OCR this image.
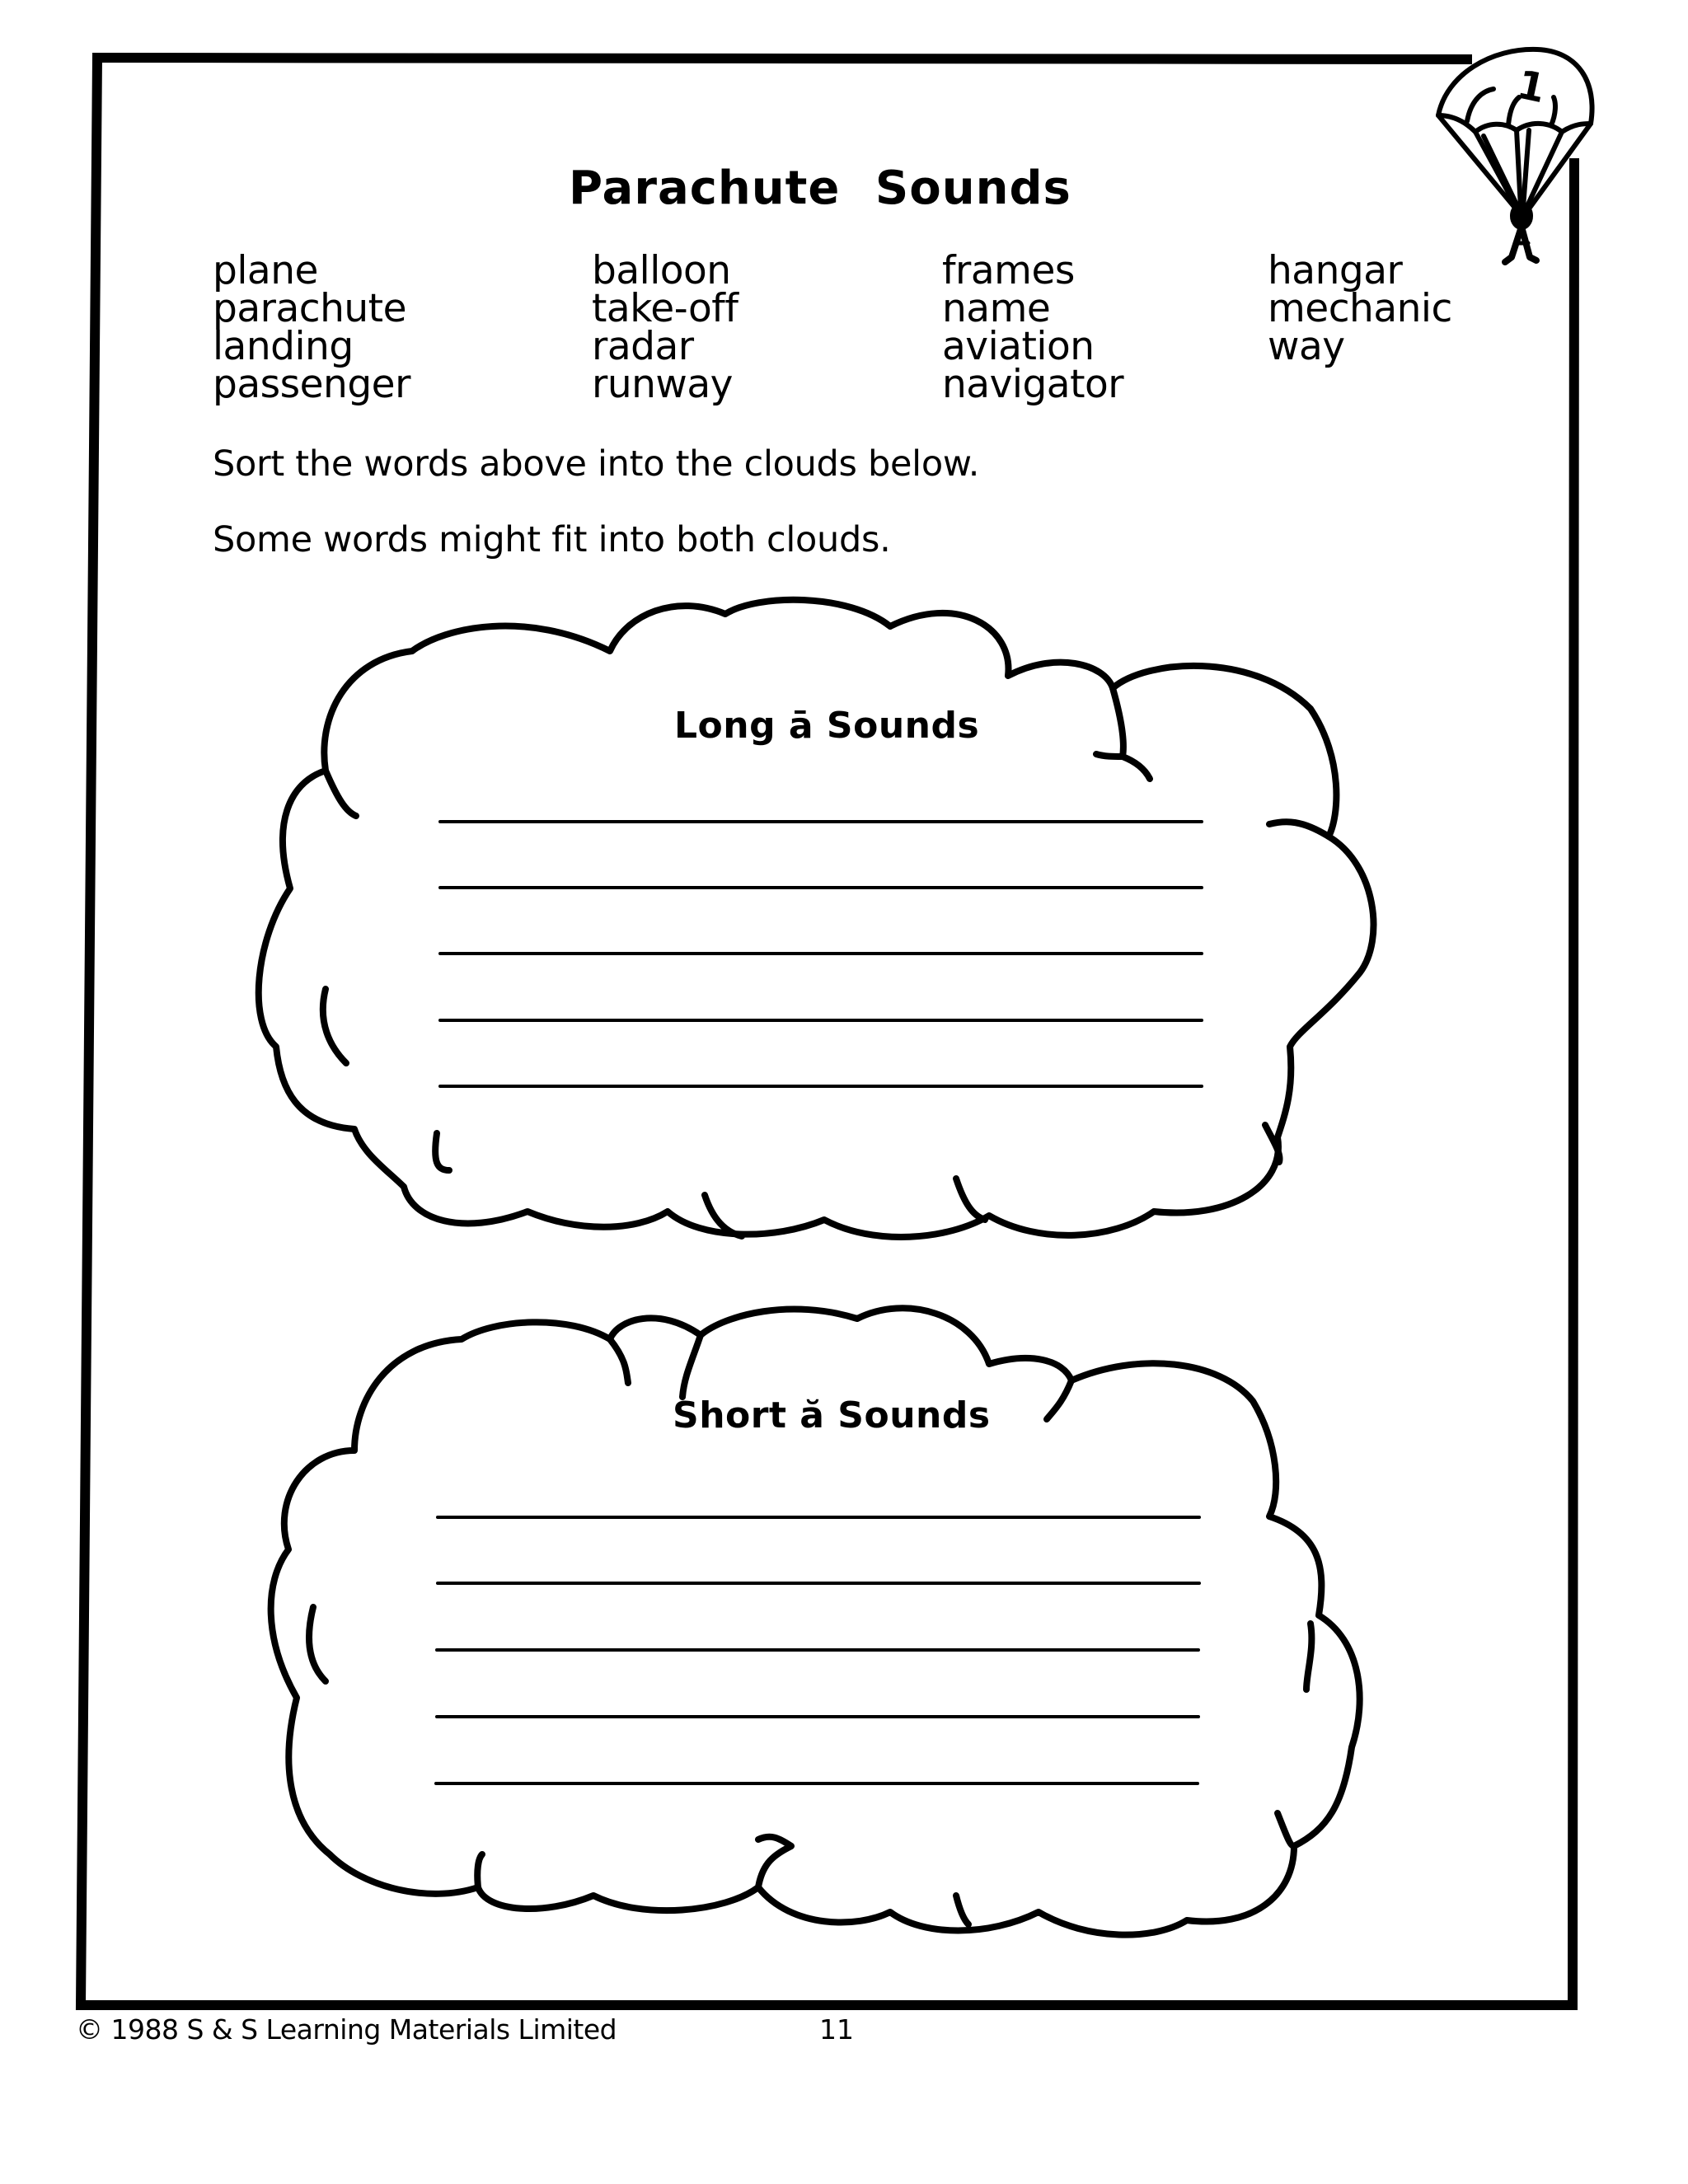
1
Parachute Sounds
plane
parachute
landing
passenger
balloon
take-off
radar
runway
frames
name
aviation
navigator
hangar
mechanic
way
Sort the words above into the clouds below.
Some words might fit into both clouds.
Long ā Sounds
Short ă Sounds
© 1988 S & S Learning Materials Limited	11
